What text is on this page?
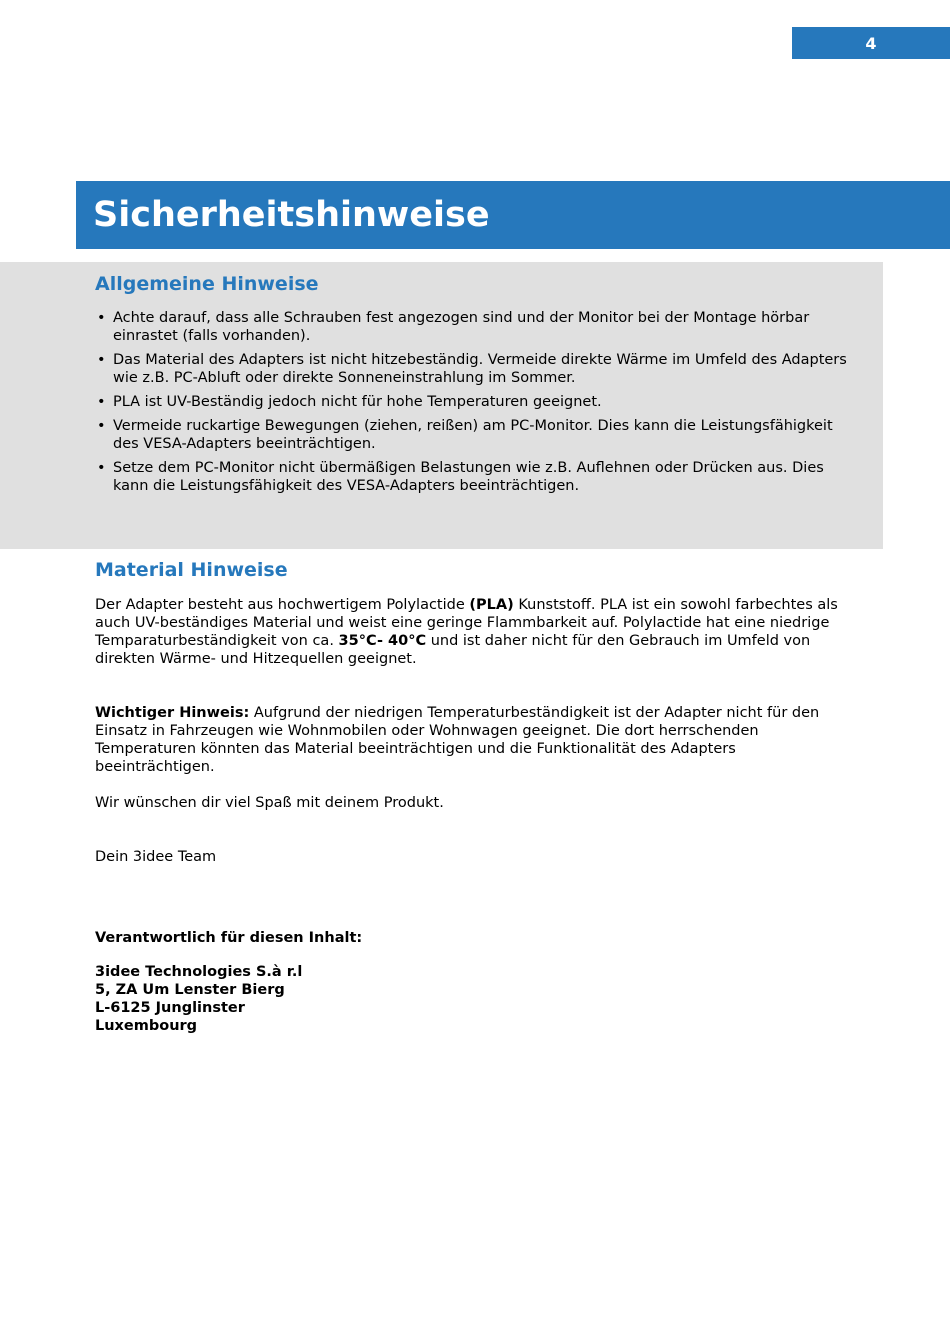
4
Sicherheitshinweise
Allgemeine Hinweise
• Achte darauf, dass alle Schrauben fest angezogen sind und der Monitor bei der Montage hörbar einrastet (falls vorhanden).
• Das Material des Adapters ist nicht hitzebeständig. Vermeide direkte Wärme im Umfeld des Adapters wie z.B. PC-Abluft oder direkte Sonneneinstrahlung im Sommer.
• PLA ist UV-Beständig jedoch nicht für hohe Temperaturen geeignet.
• Vermeide ruckartige Bewegungen (ziehen, reißen) am PC-Monitor. Dies kann die Leistungsfähigkeit des VESA-Adapters beeinträchtigen.
• Setze dem PC-Monitor nicht übermäßigen Belastungen wie z.B. Auflehnen oder Drücken aus. Dies kann die Leistungsfähigkeit des VESA-Adapters beeinträchtigen.
Material Hinweise

Der Adapter besteht aus hochwertigem Polylactide (PLA) Kunststoff. PLA ist ein sowohl farbechtes als auch UV-beständiges Material und weist eine geringe Flammbarkeit auf. Polylactide hat eine niedrige Temparaturbeständigkeit von ca. 35°C- 40°C und ist daher nicht für den Gebrauch im Umfeld von direkten Wärme- und Hitzequellen geeignet.

Wichtiger Hinweis: Aufgrund der niedrigen Temperaturbeständigkeit ist der Adapter nicht für den Einsatz in Fahrzeugen wie Wohnmobilen oder Wohnwagen geeignet. Die dort herrschenden Temperaturen könnten das Material beeinträchtigen und die Funktionalität des Adapters beeinträchtigen.

Wir wünschen dir viel Spaß mit deinem Produkt.

Dein 3idee Team

Verantwortlich für diesen Inhalt:

3idee Technologies S.à r.l
5, ZA Um Lenster Bierg
L-6125 Junglinster
Luxembourg
